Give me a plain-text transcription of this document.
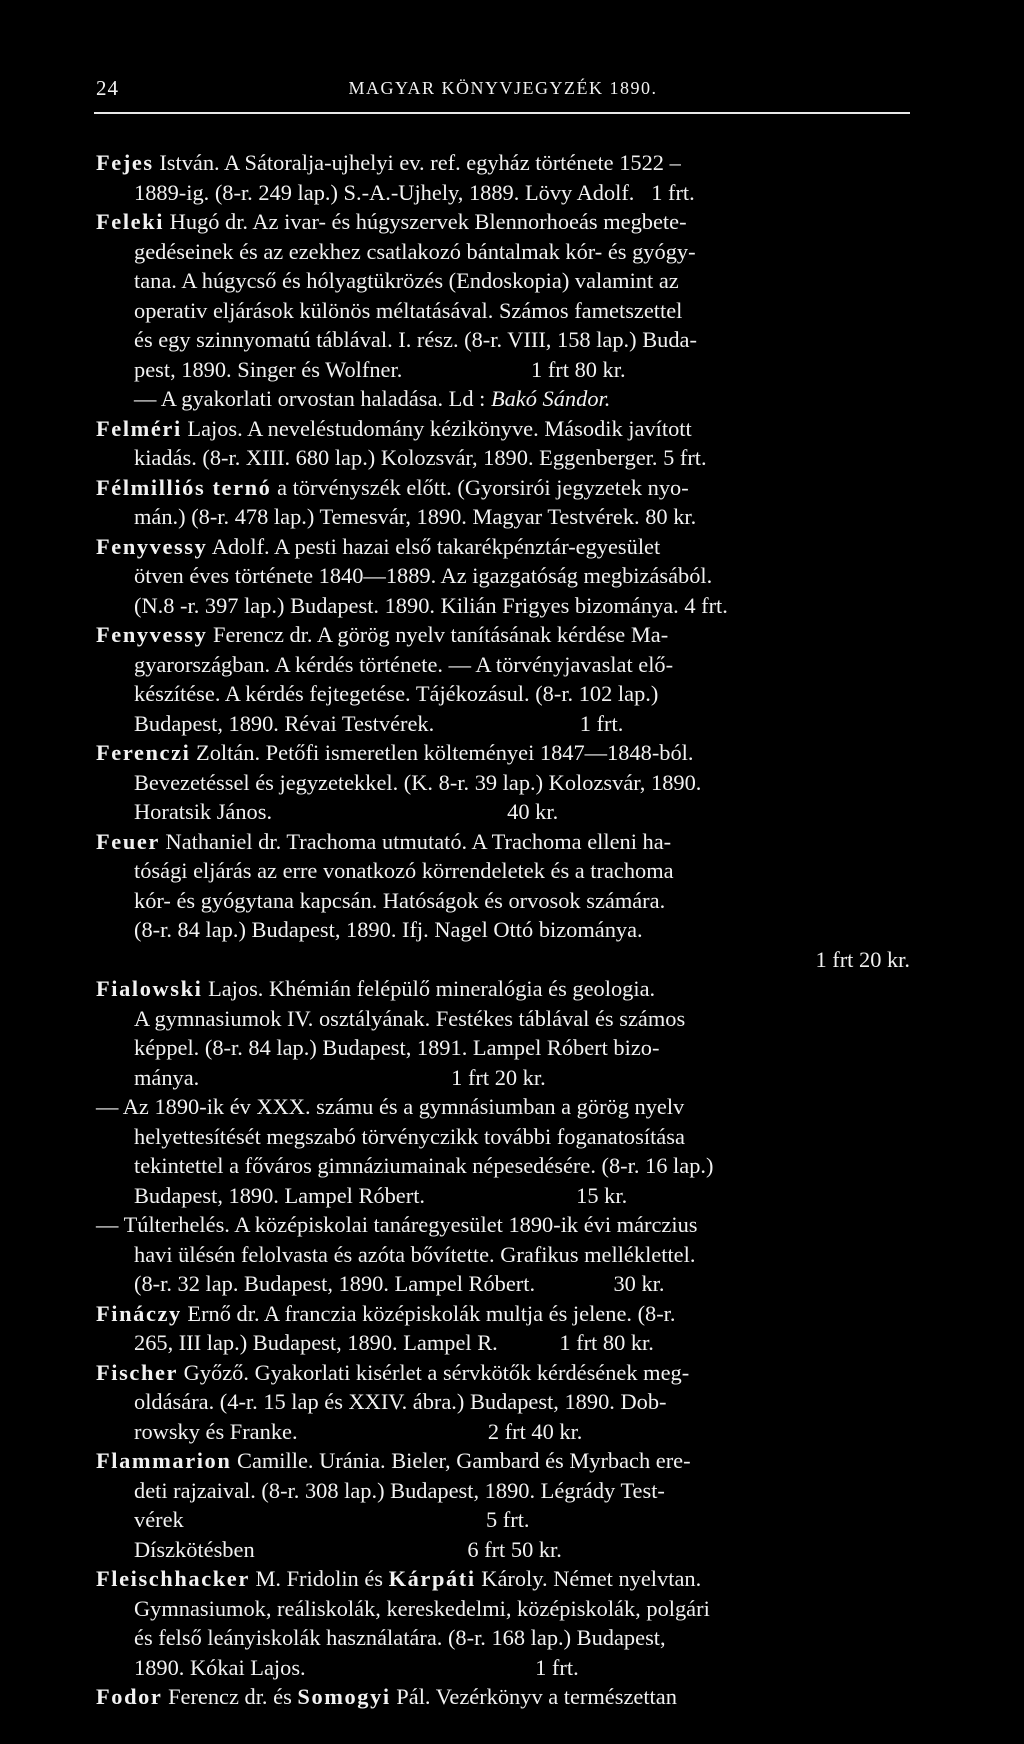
24	MAGYAR KÖNYVJEGYZÉK 1890.
Fejes István. A Sátoralja-ujhelyi ev. ref. egyház története 1522 –
1889-ig. (8-r. 249 lap.) S.-A.-Ujhely, 1889. Lövy Adolf.   1 frt.
Feleki Hugó dr. Az ivar- és húgyszervek Blennorhoeás megbete-
gedéseinek és az ezekhez csatlakozó bántalmak kór- és gyógy-
tana. A húgycső és hólyagtükrözés (Endoskopia) valamint az
operativ eljárások különös méltatásával. Számos fametszettel
és egy szinnyomatú táblával. I. rész. (8-r. VIII, 158 lap.) Buda-
pest, 1890. Singer és Wolfner.                       1 frt 80 kr.
— A gyakorlati orvostan haladása. Ld : Bakó Sándor.
Felméri Lajos. A neveléstudomány kézikönyve. Második javított
kiadás. (8-r. XIII. 680 lap.) Kolozsvár, 1890. Eggenberger. 5 frt.
Félmilliós ternó a törvényszék előtt. (Gyorsirói jegyzetek nyo-
mán.) (8-r. 478 lap.) Temesvár, 1890. Magyar Testvérek. 80 kr.
Fenyvessy Adolf. A pesti hazai első takarékpénztár-egyesület
ötven éves története 1840—1889. Az igazgatóság megbizásából.
(N.8 -r. 397 lap.) Budapest. 1890. Kilián Frigyes bizománya. 4 frt.
Fenyvessy Ferencz dr. A görög nyelv tanításának kérdése Ma-
gyarországban. A kérdés története. — A törvényjavaslat elő-
készítése. A kérdés fejtegetése. Tájékozásul. (8-r. 102 lap.)
Budapest, 1890. Révai Testvérek.                          1 frt.
Ferenczi Zoltán. Petőfi ismeretlen költeményei 1847—1848-ból.
Bevezetéssel és jegyzetekkel. (K. 8-r. 39 lap.) Kolozsvár, 1890.
Horatsik János.                                          40 kr.
Feuer Nathaniel dr. Trachoma utmutató. A Trachoma elleni ha-
tósági eljárás az erre vonatkozó körrendeletek és a trachoma
kór- és gyógytana kapcsán. Hatóságok és orvosok számára.
(8-r. 84 lap.) Budapest, 1890. Ifj. Nagel Ottó bizománya.
1 frt 20 kr.
Fialowski Lajos. Khémián felépülő mineralógia és geologia.
A gymnasiumok IV. osztályának. Festékes táblával és számos
képpel. (8-r. 84 lap.) Budapest, 1891. Lampel Róbert bizo-
mánya.                                             1 frt 20 kr.
— Az 1890-ik év XXX. számu és a gymnásiumban a görög nyelv
helyettesítését megszabó törvényczikk további foganatosítása
tekintettel a főváros gimnáziumainak népesedésére. (8-r. 16 lap.)
Budapest, 1890. Lampel Róbert.                           15 kr.
— Túlterhelés. A középiskolai tanáregyesület 1890-ik évi márczius
havi ülésén felolvasta és azóta bővítette. Grafikus melléklettel.
(8-r. 32 lap. Budapest, 1890. Lampel Róbert.              30 kr.
Fináczy Ernő dr. A franczia középiskolák multja és jelene. (8-r.
265, III lap.) Budapest, 1890. Lampel R.           1 frt 80 kr.
Fischer Győző. Gyakorlati kisérlet a sérvkötők kérdésének meg-
oldására. (4-r. 15 lap és XXIV. ábra.) Budapest, 1890. Dob-
rowsky és Franke.                                  2 frt 40 kr.
Flammarion Camille. Uránia. Bieler, Gambard és Myrbach ere-
deti rajzaival. (8-r. 308 lap.) Budapest, 1890. Légrády Test-
vérek                                                      5 frt.
Díszkötésben                                      6 frt 50 kr.
Fleischhacker M. Fridolin és Kárpáti Károly. Német nyelvtan.
Gymnasiumok, reáliskolák, kereskedelmi, középiskolák, polgári
és felső leányiskolák használatára. (8-r. 168 lap.) Budapest,
1890. Kókai Lajos.                                         1 frt.
Fodor Ferencz dr. és Somogyi Pál. Vezérkönyv a természettan
